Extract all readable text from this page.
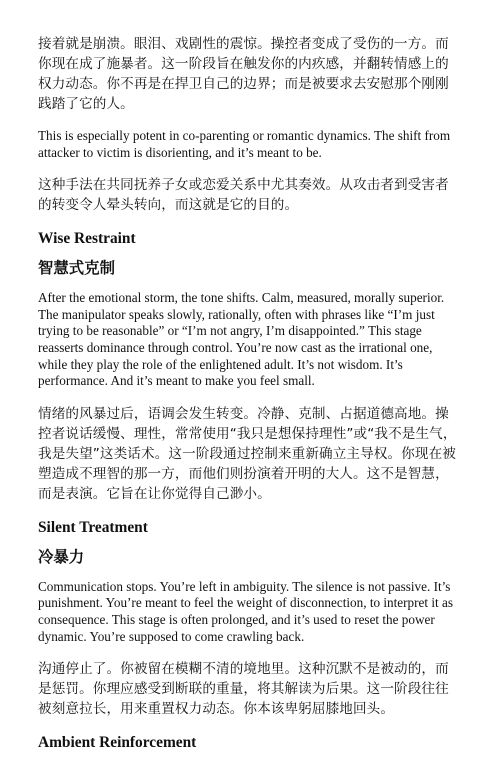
接着就是崩溃。眼泪、戏剧性的震惊。操控者变成了受伤的一方。而你现在成了施暴者。这一阶段旨在触发你的内疚感，并翻转情感上的权力动态。你不再是在捍卫自己的边界；而是被要求去安慰那个刚刚践踏了它的人。

This is especially potent in co-parenting or romantic dynamics. The shift from attacker to victim is disorienting, and it’s meant to be.

这种手法在共同抚养子女或恋爱关系中尤其奏效。从攻击者到受害者的转变令人晕头转向，而这就是它的目的。

Wise Restraint
智慧式克制

After the emotional storm, the tone shifts. Calm, measured, morally superior. The manipulator speaks slowly, rationally, often with phrases like “I’m just trying to be reasonable” or “I’m not angry, I’m disappointed.” This stage reasserts dominance through control. You’re now cast as the irrational one, while they play the role of the enlightened adult. It’s not wisdom. It’s performance. And it’s meant to make you feel small.

情绪的风暴过后，语调会发生转变。冷静、克制、占据道德高地。操控者说话缓慢、理性，常常使用“我只是想保持理性”或“我不是生气，我是失望”这类话术。这一阶段通过控制来重新确立主导权。你现在被塑造成不理智的那一方，而他们则扮演着开明的大人。这不是智慧，而是表演。它旨在让你觉得自己渺小。

Silent Treatment
冷暴力

Communication stops. You’re left in ambiguity. The silence is not passive. It’s punishment. You’re meant to feel the weight of disconnection, to interpret it as consequence. This stage is often prolonged, and it’s used to reset the power dynamic. You’re supposed to come crawling back.

沟通停止了。你被留在模糊不清的境地里。这种沉默不是被动的，而是惩罚。你理应感受到断联的重量，将其解读为后果。这一阶段往往被刻意拉长，用来重置权力动态。你本该卑躬屈膝地回头。

Ambient Reinforcement
